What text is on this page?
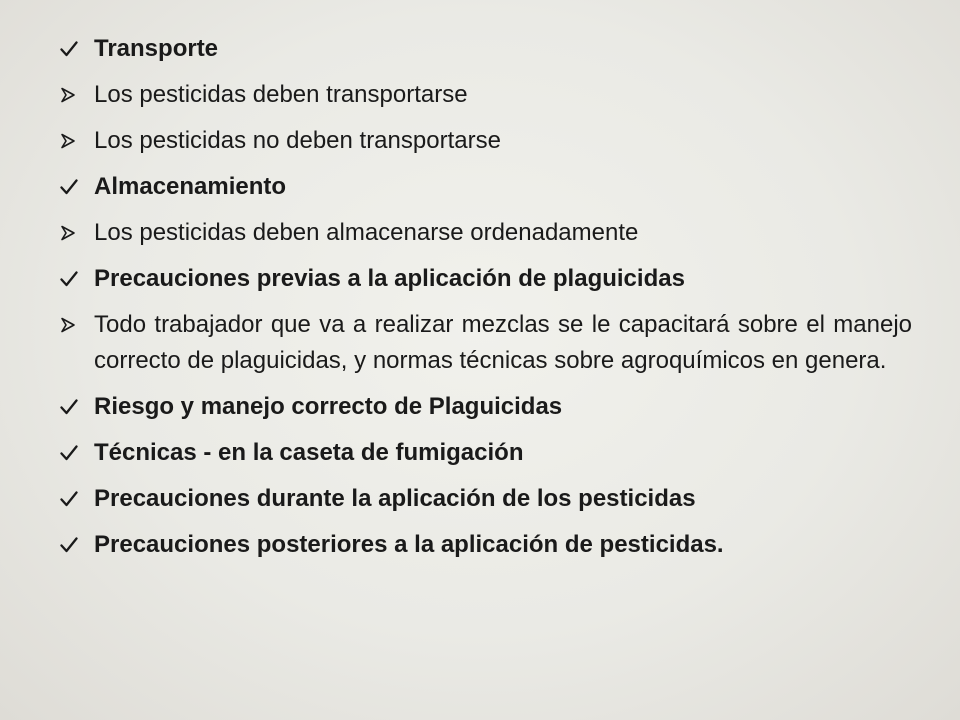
Transporte
Los pesticidas deben transportarse
Los pesticidas no deben transportarse
Almacenamiento
Los pesticidas deben almacenarse ordenadamente
Precauciones previas a la aplicación de plaguicidas
Todo trabajador que va a realizar mezclas se le capacitará sobre el manejo correcto de plaguicidas, y normas técnicas sobre agroquímicos en genera.
Riesgo y manejo correcto de Plaguicidas
Técnicas - en la caseta de fumigación
Precauciones durante la aplicación de los pesticidas
Precauciones posteriores a la aplicación de pesticidas.
